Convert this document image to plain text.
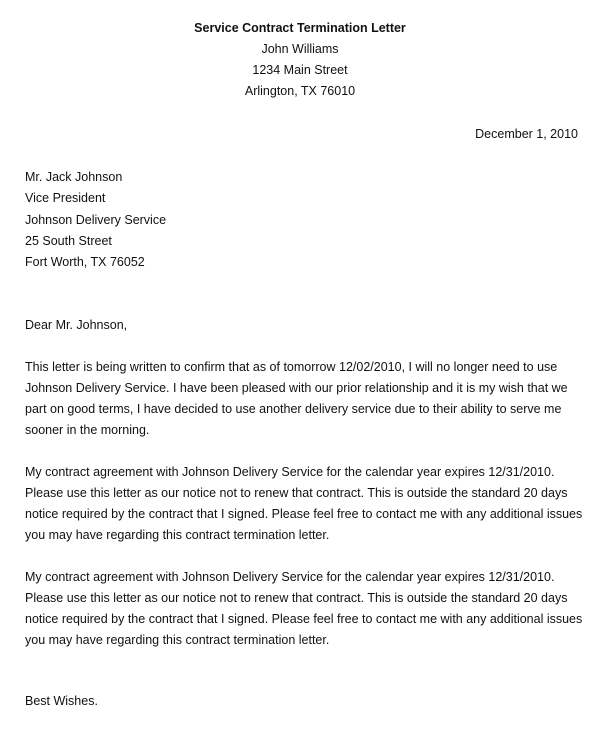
Service Contract Termination Letter
John Williams
1234 Main Street
Arlington, TX 76010
December 1, 2010
Mr. Jack Johnson
Vice President
Johnson Delivery Service
25 South Street
Fort Worth, TX 76052
Dear Mr. Johnson,
This letter is being written to confirm that as of tomorrow 12/02/2010, I will no longer need to use
Johnson Delivery Service. I have been pleased with our prior relationship and it is my wish that we
part on good terms, I have decided to use another delivery service due to their ability to serve me
sooner in the morning.
My contract agreement with Johnson Delivery Service for the calendar year expires 12/31/2010.
Please use this letter as our notice not to renew that contract. This is outside the standard 20 days
notice required by the contract that I signed. Please feel free to contact me with any additional issues
you may have regarding this contract termination letter.
My contract agreement with Johnson Delivery Service for the calendar year expires 12/31/2010.
Please use this letter as our notice not to renew that contract. This is outside the standard 20 days
notice required by the contract that I signed. Please feel free to contact me with any additional issues
you may have regarding this contract termination letter.
Best Wishes.
